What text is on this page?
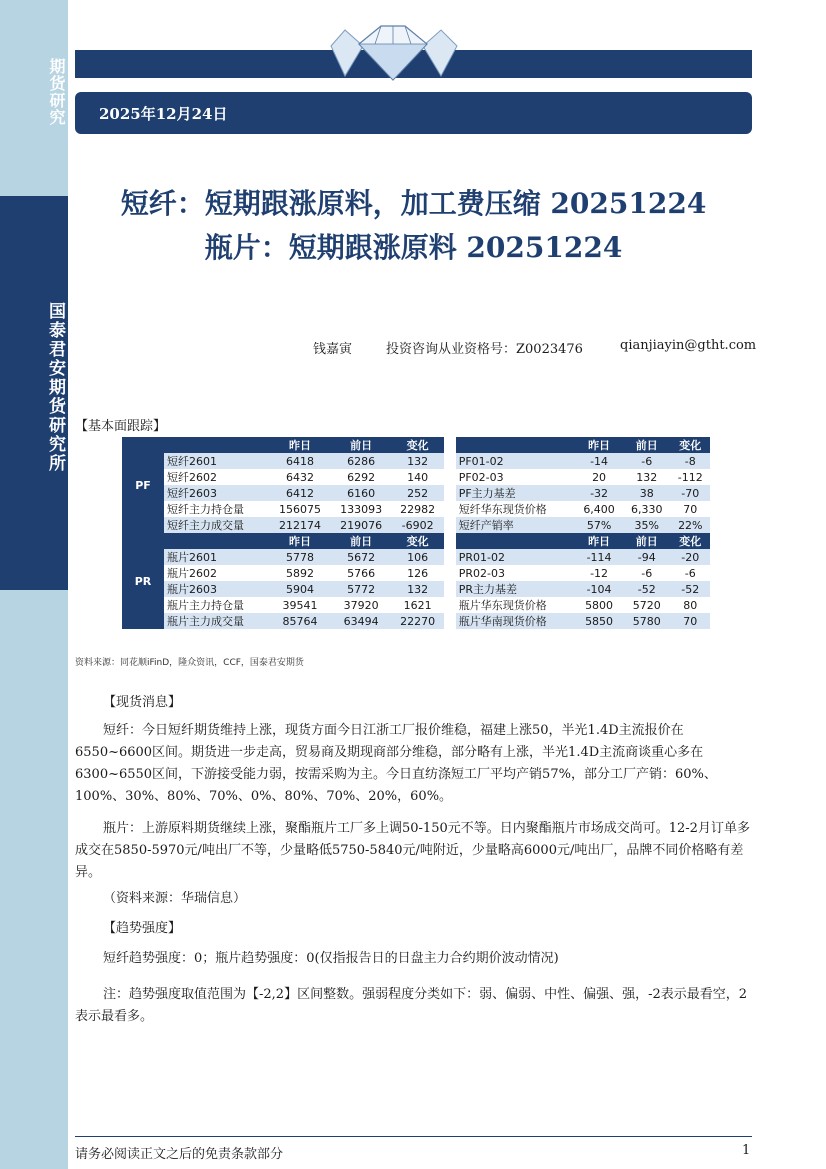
期货研究
国泰君安期货研究所
2025年12月24日
短纤：短期跟涨原料，加工费压缩 20251224
瓶片：短期跟涨原料 20251224
钱嘉寅	投资咨询从业资格号：Z0023476	qianjiayin@gtht.com
【基本面跟踪】
PF		昨日	前日	变化			昨日	前日	变化
	短纤2601	6418	6286	132		PF01-02	-14	-6	-8
	短纤2602	6432	6292	140		PF02-03	20	132	-112
	短纤2603	6412	6160	252		PF主力基差	-32	38	-70
	短纤主力持仓量	156075	133093	22982		短纤华东现货价格	6,400	6,330	70
	短纤主力成交量	212174	219076	-6902		短纤产销率	57%	35%	22%
PR		昨日	前日	变化			昨日	前日	变化
	瓶片2601	5778	5672	106		PR01-02	-114	-94	-20
	瓶片2602	5892	5766	126		PR02-03	-12	-6	-6
	瓶片2603	5904	5772	132		PR主力基差	-104	-52	-52
	瓶片主力持仓量	39541	37920	1621		瓶片华东现货价格	5800	5720	80
	瓶片主力成交量	85764	63494	22270		瓶片华南现货价格	5850	5780	70
资料来源：同花顺iFinD，隆众资讯，CCF，国泰君安期货
【现货消息】
短纤：今日短纤期货维持上涨，现货方面今日江浙工厂报价维稳，福建上涨50，半光1.4D主流报价在6550~6600区间。期货进一步走高，贸易商及期现商部分维稳，部分略有上涨，半光1.4D主流商谈重心多在6300~6550区间，下游接受能力弱，按需采购为主。今日直纺涤短工厂平均产销57%，部分工厂产销：60%、100%、30%、80%、70%、0%、80%、70%、20%，60%。
瓶片：上游原料期货继续上涨，聚酯瓶片工厂多上调50-150元不等。日内聚酯瓶片市场成交尚可。12-2月订单多成交在5850-5970元/吨出厂不等，少量略低5750-5840元/吨附近，少量略高6000元/吨出厂，品牌不同价格略有差异。
（资料来源：华瑞信息）
【趋势强度】
短纤趋势强度：0；瓶片趋势强度：0(仅指报告日的日盘主力合约期价波动情况)
注：趋势强度取值范围为【-2,2】区间整数。强弱程度分类如下：弱、偏弱、中性、偏强、强，-2表示最看空，2表示最看多。
请务必阅读正文之后的免责条款部分	1
